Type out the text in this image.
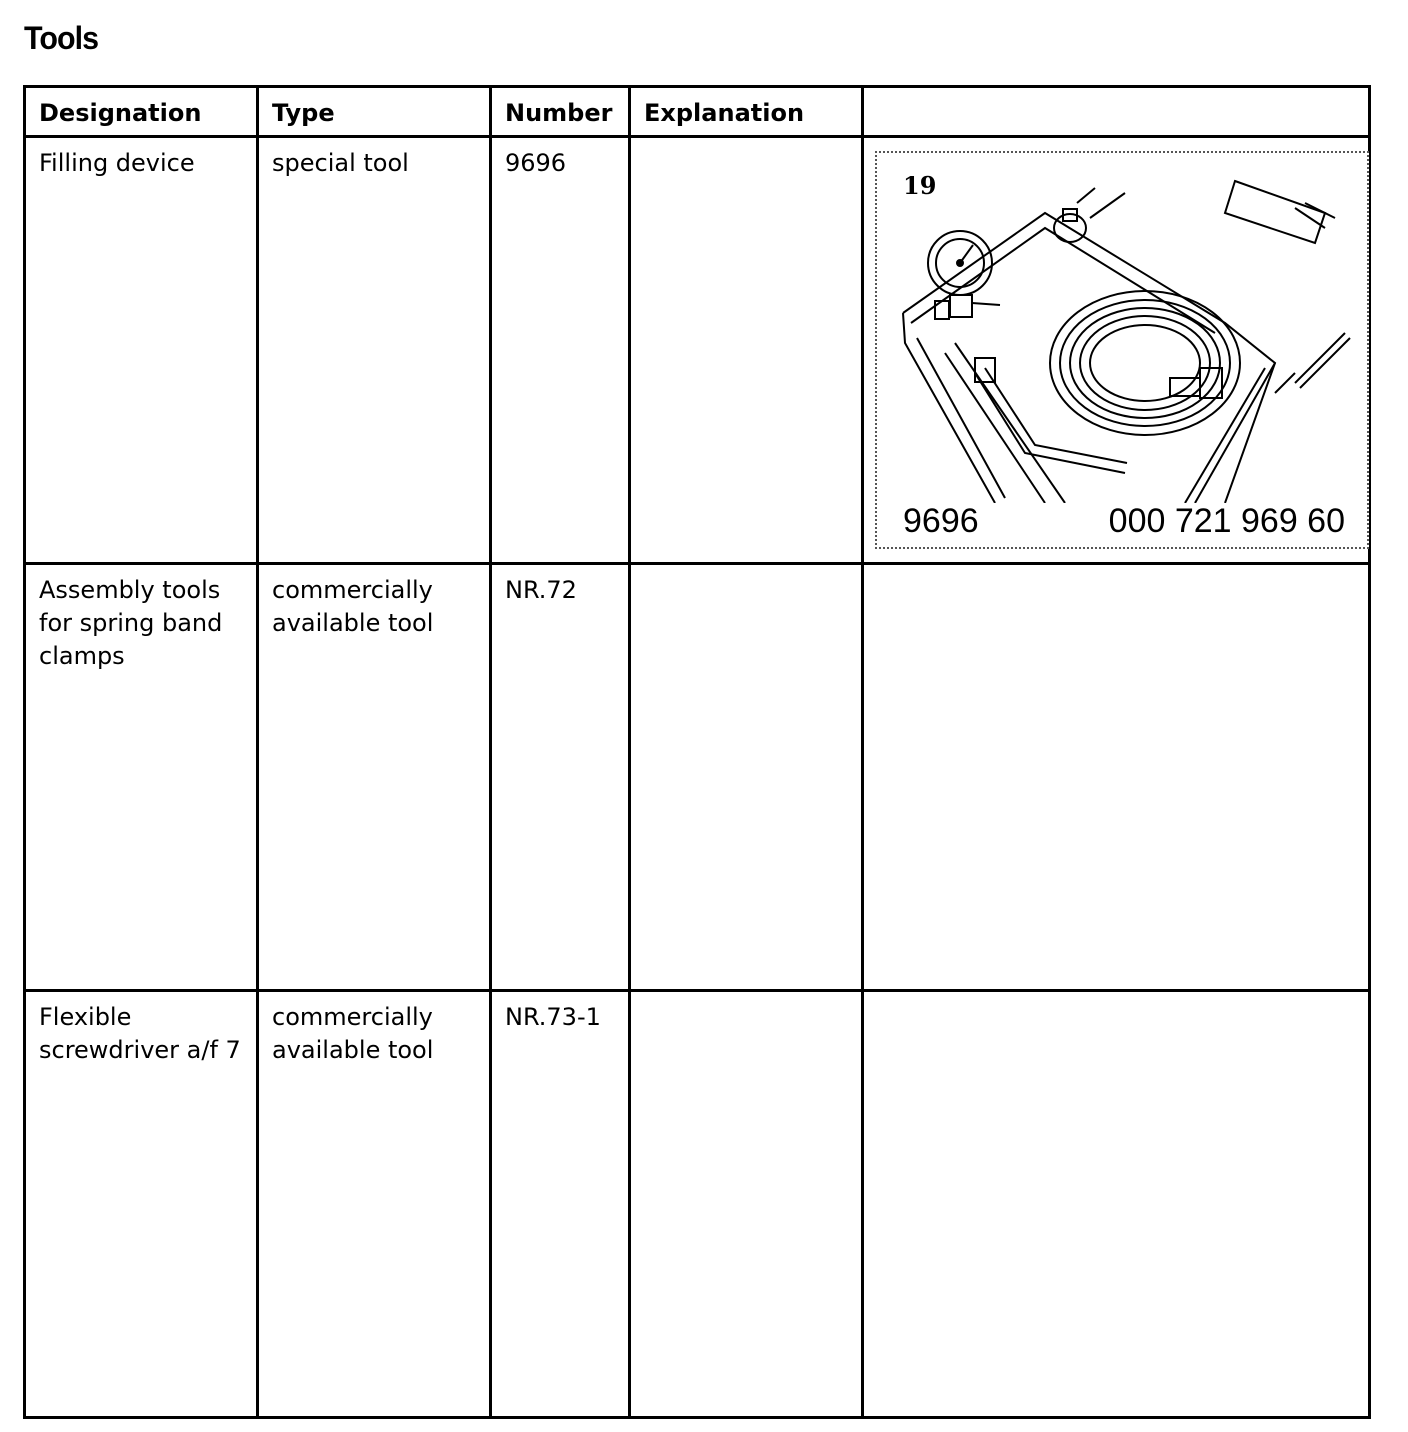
Tools
Designation	Type	Number	Explanation	

Filling device	special tool	9696		19
9696 000 721 969 60

Assembly tools for spring band clamps	commercially available tool	NR.72		

Flexible screwdriver a/f 7	commercially available tool	NR.73-1		
